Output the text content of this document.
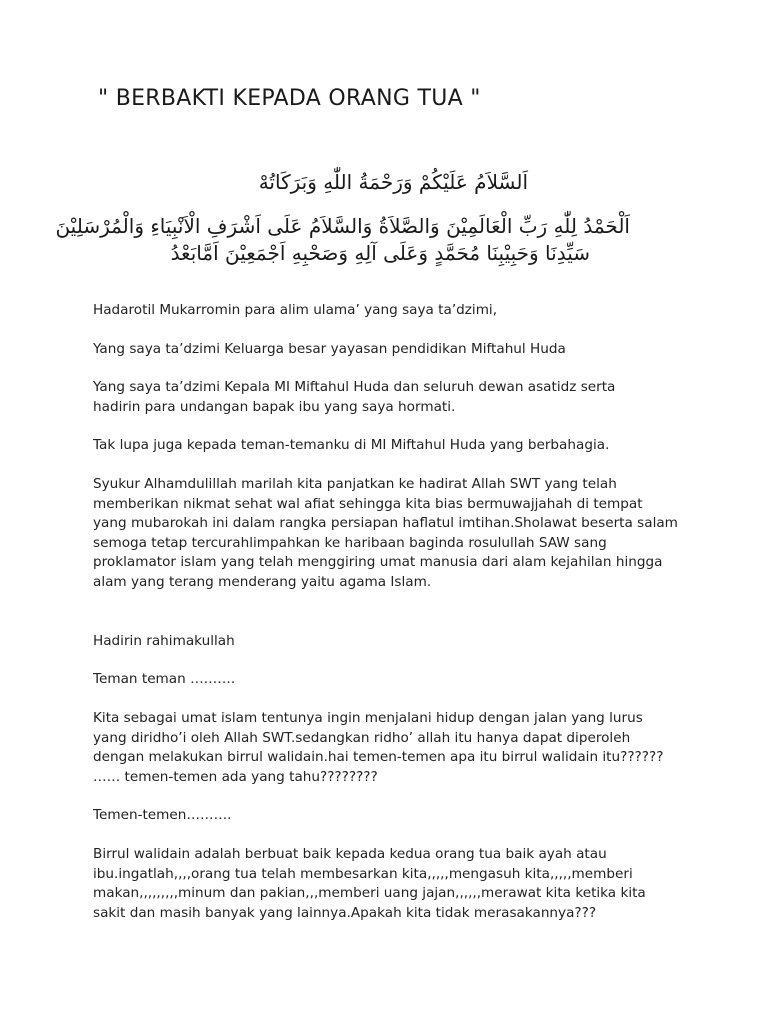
" BERBAKTI KEPADA ORANG TUA "

اَلسَّلاَمُ عَلَيْكُمْ وَرَحْمَةُ اللّٰهِ وَبَرَكَاتُهْ

اَلْحَمْدُ لِلّٰهِ رَبِّ الْعَالَمِيْنَ وَالصَّلاَةُ وَالسَّلاَمُ عَلَى اَشْرَفِ الْاَنْبِيَاءِ وَالْمُرْسَلِيْنَ

سَيِّدِنَا وَحَبِيْبِنَا مُحَمَّدٍ وَعَلَى آلِهِ وَصَحْبِهِ اَجْمَعِيْنَ اَمَّابَعْدُ

Hadarotil Mukarromin para alim ulama’ yang saya ta’dzimi,

Yang saya ta’dzimi Keluarga besar yayasan pendidikan Miftahul Huda

Yang saya ta’dzimi Kepala MI Miftahul Huda dan seluruh dewan asatidz serta hadirin para undangan bapak ibu yang saya hormati.

Tak lupa juga kepada teman-temanku di MI Miftahul Huda yang berbahagia.

Syukur Alhamdulillah marilah kita panjatkan ke hadirat Allah SWT yang telah memberikan nikmat sehat wal afiat sehingga kita bias bermuwajjahah di tempat yang mubarokah ini dalam rangka persiapan haflatul imtihan.Sholawat beserta salam semoga tetap tercurahlimpahkan ke haribaan baginda rosulullah SAW sang proklamator islam yang telah menggiring umat manusia dari alam kejahilan hingga alam yang terang menderang yaitu agama Islam.

Hadirin rahimakullah

Teman teman ……….

Kita sebagai umat islam tentunya ingin menjalani hidup dengan jalan yang lurus yang diridho’i oleh Allah SWT.sedangkan ridho’ allah itu hanya dapat diperoleh dengan melakukan birrul walidain.hai temen-temen apa itu birrul walidain itu?????? …… temen-temen ada yang tahu????????

Temen-temen……….

Birrul walidain adalah berbuat baik kepada kedua orang tua baik ayah atau ibu.ingatlah,,,,orang tua telah membesarkan kita,,,,,mengasuh kita,,,,,memberi makan,,,,,,,,,minum dan pakian,,,memberi uang jajan,,,,,,merawat kita ketika kita sakit dan masih banyak yang lainnya.Apakah kita tidak merasakannya???
